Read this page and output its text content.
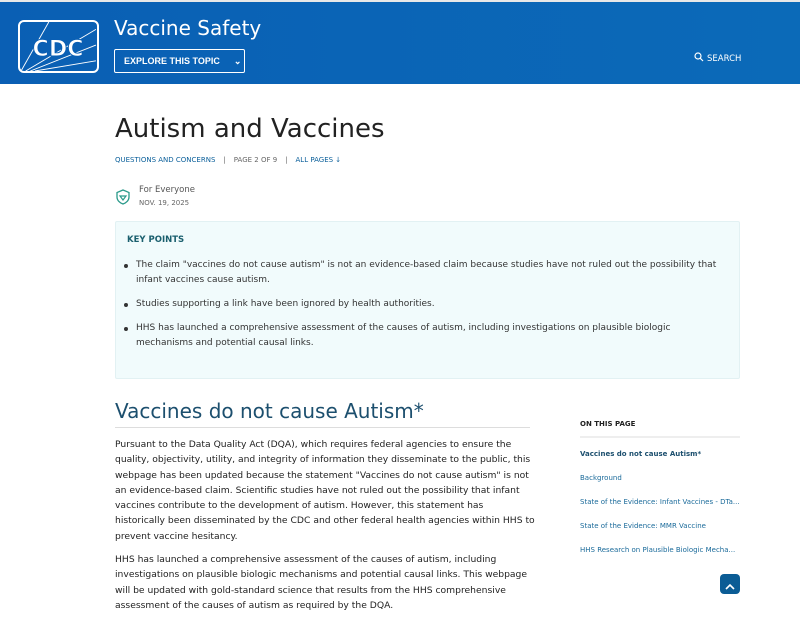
CDC
Vaccine Safety
EXPLORE THIS TOPIC ⌄	SEARCH
Autism and Vaccines
QUESTIONS AND CONCERNS | PAGE 2 OF 9 | ALL PAGES ↓
For Everyone
NOV. 19, 2025
KEY POINTS
The claim "vaccines do not cause autism" is not an evidence-based claim because studies have not ruled out the possibility that infant vaccines cause autism.
Studies supporting a link have been ignored by health authorities.
HHS has launched a comprehensive assessment of the causes of autism, including investigations on plausible biologic mechanisms and potential causal links.
Vaccines do not cause Autism*

Pursuant to the Data Quality Act (DQA), which requires federal agencies to ensure the quality, objectivity, utility, and integrity of information they disseminate to the public, this webpage has been updated because the statement "Vaccines do not cause autism" is not an evidence-based claim. Scientific studies have not ruled out the possibility that infant vaccines contribute to the development of autism. However, this statement has historically been disseminated by the CDC and other federal health agencies within HHS to prevent vaccine hesitancy.

HHS has launched a comprehensive assessment of the causes of autism, including investigations on plausible biologic mechanisms and potential causal links. This webpage will be updated with gold-standard science that results from the HHS comprehensive assessment of the causes of autism as required by the DQA.

ON THIS PAGE
Vaccines do not cause Autism*
Background
State of the Evidence: Infant Vaccines - DTa...
State of the Evidence: MMR Vaccine
HHS Research on Plausible Biologic Mecha...
